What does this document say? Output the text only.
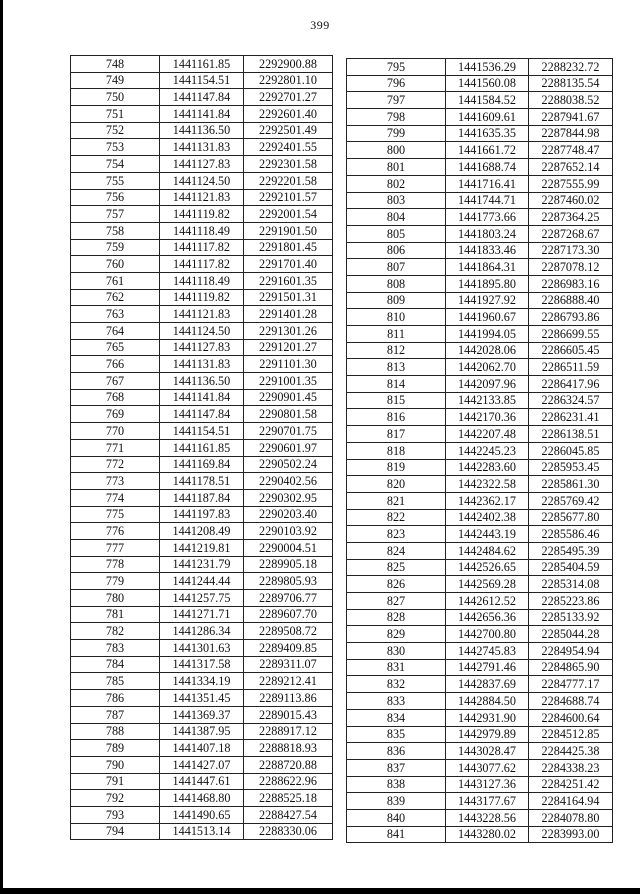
399
748	1441161.85	2292900.88
749	1441154.51	2292801.10
750	1441147.84	2292701.27
751	1441141.84	2292601.40
752	1441136.50	2292501.49
753	1441131.83	2292401.55
754	1441127.83	2292301.58
755	1441124.50	2292201.58
756	1441121.83	2292101.57
757	1441119.82	2292001.54
758	1441118.49	2291901.50
759	1441117.82	2291801.45
760	1441117.82	2291701.40
761	1441118.49	2291601.35
762	1441119.82	2291501.31
763	1441121.83	2291401.28
764	1441124.50	2291301.26
765	1441127.83	2291201.27
766	1441131.83	2291101.30
767	1441136.50	2291001.35
768	1441141.84	2290901.45
769	1441147.84	2290801.58
770	1441154.51	2290701.75
771	1441161.85	2290601.97
772	1441169.84	2290502.24
773	1441178.51	2290402.56
774	1441187.84	2290302.95
775	1441197.83	2290203.40
776	1441208.49	2290103.92
777	1441219.81	2290004.51
778	1441231.79	2289905.18
779	1441244.44	2289805.93
780	1441257.75	2289706.77
781	1441271.71	2289607.70
782	1441286.34	2289508.72
783	1441301.63	2289409.85
784	1441317.58	2289311.07
785	1441334.19	2289212.41
786	1441351.45	2289113.86
787	1441369.37	2289015.43
788	1441387.95	2288917.12
789	1441407.18	2288818.93
790	1441427.07	2288720.88
791	1441447.61	2288622.96
792	1441468.80	2288525.18
793	1441490.65	2288427.54
794	1441513.14	2288330.06
795	1441536.29	2288232.72
796	1441560.08	2288135.54
797	1441584.52	2288038.52
798	1441609.61	2287941.67
799	1441635.35	2287844.98
800	1441661.72	2287748.47
801	1441688.74	2287652.14
802	1441716.41	2287555.99
803	1441744.71	2287460.02
804	1441773.66	2287364.25
805	1441803.24	2287268.67
806	1441833.46	2287173.30
807	1441864.31	2287078.12
808	1441895.80	2286983.16
809	1441927.92	2286888.40
810	1441960.67	2286793.86
811	1441994.05	2286699.55
812	1442028.06	2286605.45
813	1442062.70	2286511.59
814	1442097.96	2286417.96
815	1442133.85	2286324.57
816	1442170.36	2286231.41
817	1442207.48	2286138.51
818	1442245.23	2286045.85
819	1442283.60	2285953.45
820	1442322.58	2285861.30
821	1442362.17	2285769.42
822	1442402.38	2285677.80
823	1442443.19	2285586.46
824	1442484.62	2285495.39
825	1442526.65	2285404.59
826	1442569.28	2285314.08
827	1442612.52	2285223.86
828	1442656.36	2285133.92
829	1442700.80	2285044.28
830	1442745.83	2284954.94
831	1442791.46	2284865.90
832	1442837.69	2284777.17
833	1442884.50	2284688.74
834	1442931.90	2284600.64
835	1442979.89	2284512.85
836	1443028.47	2284425.38
837	1443077.62	2284338.23
838	1443127.36	2284251.42
839	1443177.67	2284164.94
840	1443228.56	2284078.80
841	1443280.02	2283993.00
